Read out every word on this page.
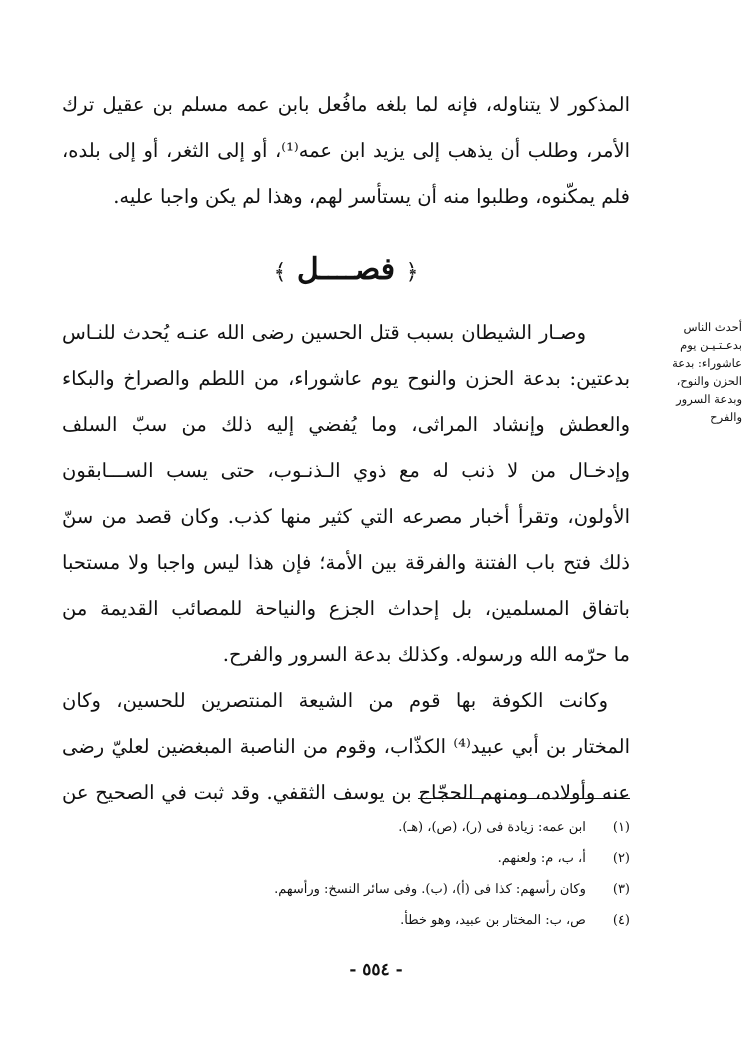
المذكور لا يتناوله، فإنه لما بلغه مافُعل بابن عمه مسلم بن عقيل ترك
الأمر، وطلب أن يذهب إلى يزيد ابن عمه⁽¹⁾، أو إلى الثغر، أو إلى بلده،
فلم يمكّنوه، وطلبوا منه أن يستأسر لهم، وهذا لم يكن واجبا عليه.
﴿ فصــــل ﴾
أحدث الناس
بدعـتـيـن يوم
عاشوراء: بدعة
الحزن والنوح،
وبدعة السرور
والفرح
وصـار الشيطان بسبب قتل الحسين رضى الله عنـه يُحدث للنـاس
بدعتين: بدعة الحزن والنوح يوم عاشوراء، من اللطم والصراخ والبكاء
والعطش وإنشاد المراثى، وما يُفضي إليه ذلك من سبّ السلف
وإدخـال من لا ذنب له مع ذوي الـذنـوب، حتى يسب الســـابقون
الأولون، وتقرأ أخبار مصرعه التي كثير منها كذب. وكان قصد من سنّ
ذلك فتح باب الفتنة والفرقة بين الأمة؛ فإن هذا ليس واجبا ولا مستحبا
باتفاق المسلمين، بل إحداث الجزع والنياحة للمصائب القديمة من
ما حرّمه الله ورسوله. وكذلك بدعة السرور والفرح.
وكانت الكوفة بها قوم من الشيعة المنتصرين للحسين، وكان
المختار بن أبي عبيد⁽⁴⁾ الكذّاب، وقوم من الناصبة المبغضين لعليّ رضى
عنه وأولاده، ومنهم الحجّاج بن يوسف الثقفي. وقد ثبت في الصحيح عن
(١) ابن عمه: زيادة فى (ر)، (ص)، (هـ).
(٢) أ، ب، م: ولعنهم.
(٣) وكان رأسهم: كذا فى (أ)، (ب). وفى سائر النسخ: ورأسهم.
(٤) ص، ب: المختار بن عبيد، وهو خطأ.
- ٥٥٤ -
